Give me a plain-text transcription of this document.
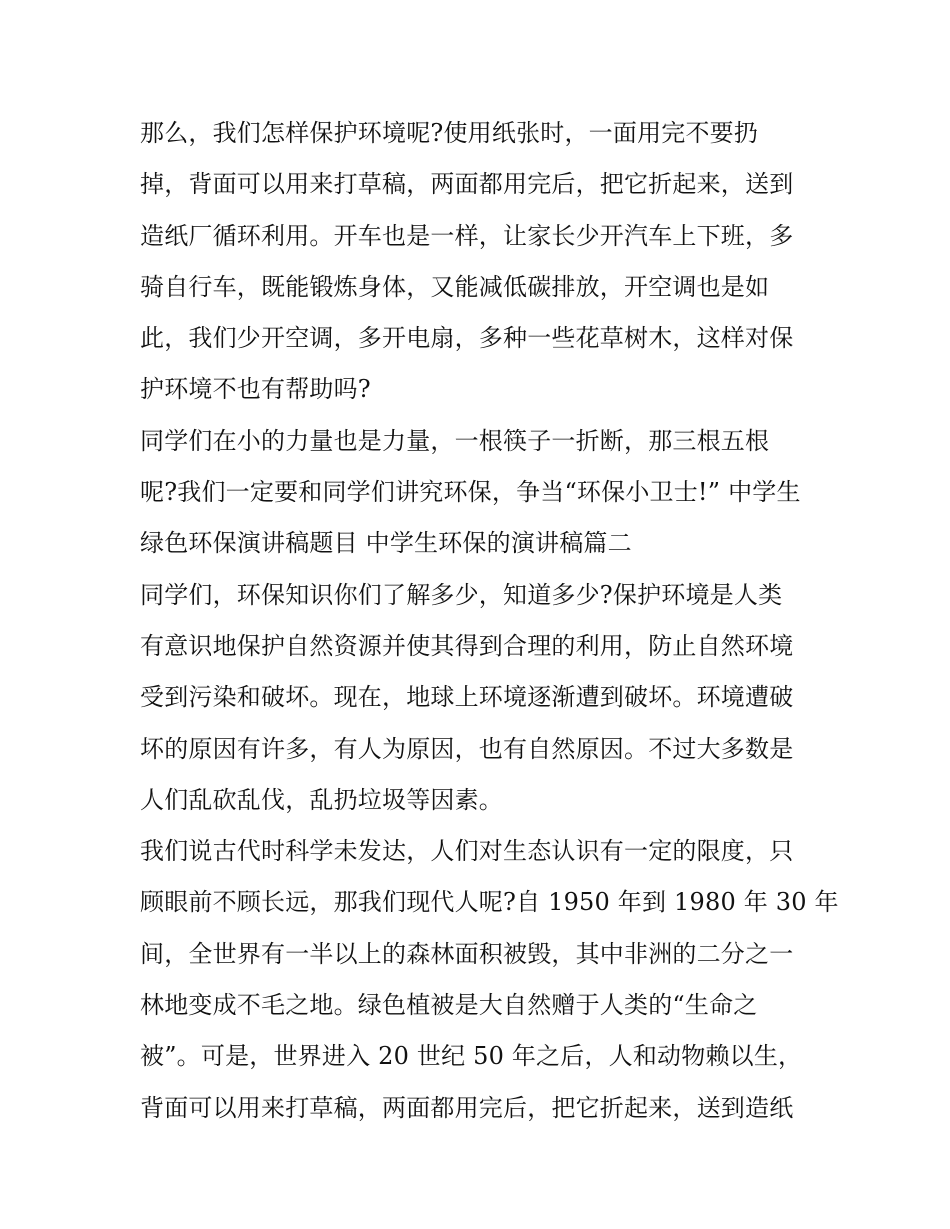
那么，我们怎样保护环境呢?使用纸张时，一面用完不要扔
掉，背面可以用来打草稿，两面都用完后，把它折起来，送到
造纸厂循环利用。开车也是一样，让家长少开汽车上下班，多
骑自行车，既能锻炼身体，又能减低碳排放，开空调也是如
此，我们少开空调，多开电扇，多种一些花草树木，这样对保
护环境不也有帮助吗?
同学们在小的力量也是力量，一根筷子一折断，那三根五根
呢?我们一定要和同学们讲究环保，争当“环保小卫士!” 中学生
绿色环保演讲稿题目 中学生环保的演讲稿篇二
同学们，环保知识你们了解多少，知道多少?保护环境是人类
有意识地保护自然资源并使其得到合理的利用，防止自然环境
受到污染和破坏。现在，地球上环境逐渐遭到破坏。环境遭破
坏的原因有许多，有人为原因，也有自然原因。不过大多数是
人们乱砍乱伐，乱扔垃圾等因素。
我们说古代时科学未发达，人们对生态认识有一定的限度，只
顾眼前不顾长远，那我们现代人呢?自 1950 年到 1980 年 30 年
间，全世界有一半以上的森林面积被毁，其中非洲的二分之一
林地变成不毛之地。绿色植被是大自然赠于人类的“生命之
被”。可是，世界进入 20 世纪 50 年之后，人和动物赖以生，
背面可以用来打草稿，两面都用完后，把它折起来，送到造纸
